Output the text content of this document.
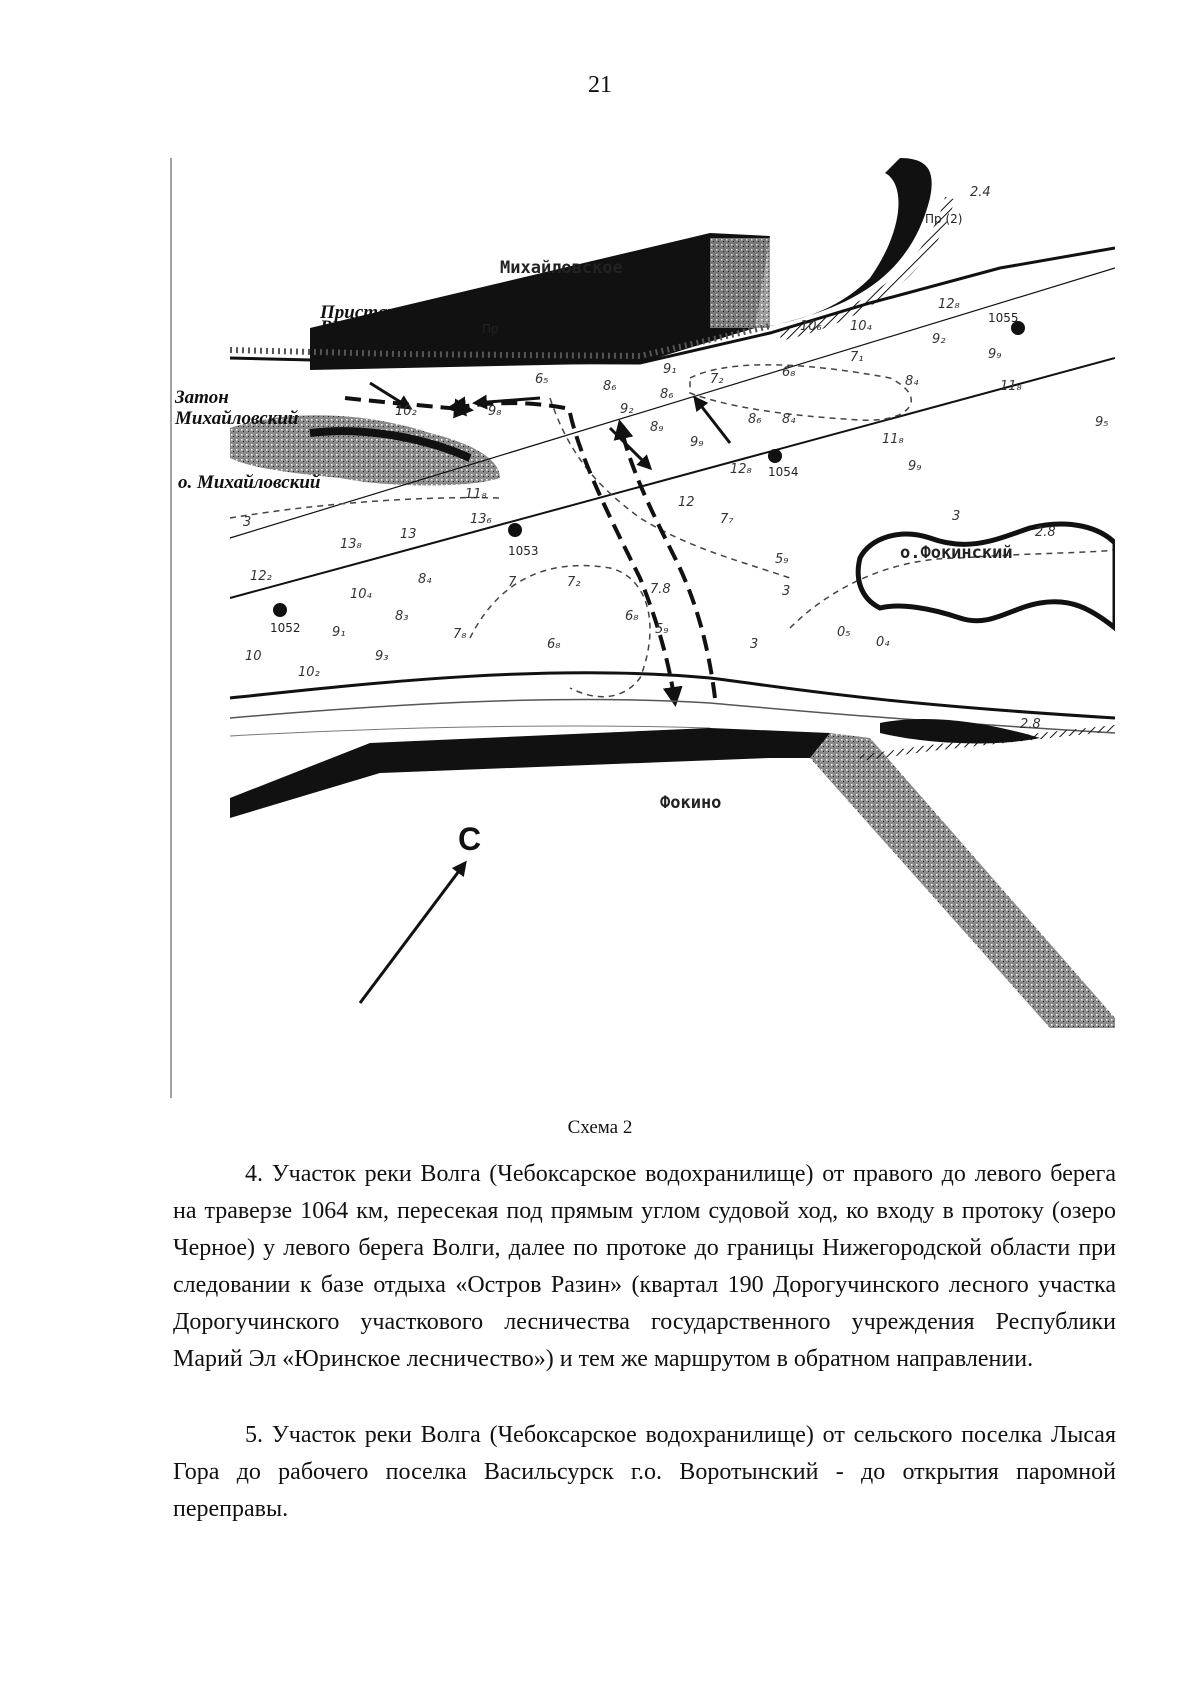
21
С
Михайловское
Пристань
Разнежье
Затон
Михайловский
о. Михайловский
о.Фокинский
Фокино
Пр
Пр (2)
1052
1053
1054
1055
2.4
12₈
9₂
10₆ 10₄
9₉
11₈
9₅
7₁
6₈
8₄
7₂
9₁
8₆
8₆
8₄
9₂
8₉
9₉
8₆
12₈
11₈
9₉
6₅
10₂	9₈
12
7₇
5₉
3
0₅
0₄
3
3
2.8
13₆
13
13₈
12₂
10₄
8₄
8₃
7	7₂
6₈
5₉
7₈
6₈
9₁
9₃
10
10₂
11₈
3
2.8
7.8
Схема 2

4. Участок реки Волга (Чебоксарское водохранилище) от правого до левого берега на траверзе 1064 км, пересекая под прямым углом судовой ход, ко входу в протоку (озеро Черное) у левого берега Волги, далее по протоке до границы Нижегородской области при следовании к базе отдыха «Остров Разин» (квартал 190 Дорогучинского лесного участка Дорогучинского участкового лесничества государственного учреждения Республики Марий Эл «Юринское лесничество») и тем же маршрутом в обратном направлении.

5. Участок реки Волга (Чебоксарское водохранилище) от сельского поселка Лысая Гора до рабочего поселка Васильсурск г.о. Воротынский - до открытия паромной переправы.
